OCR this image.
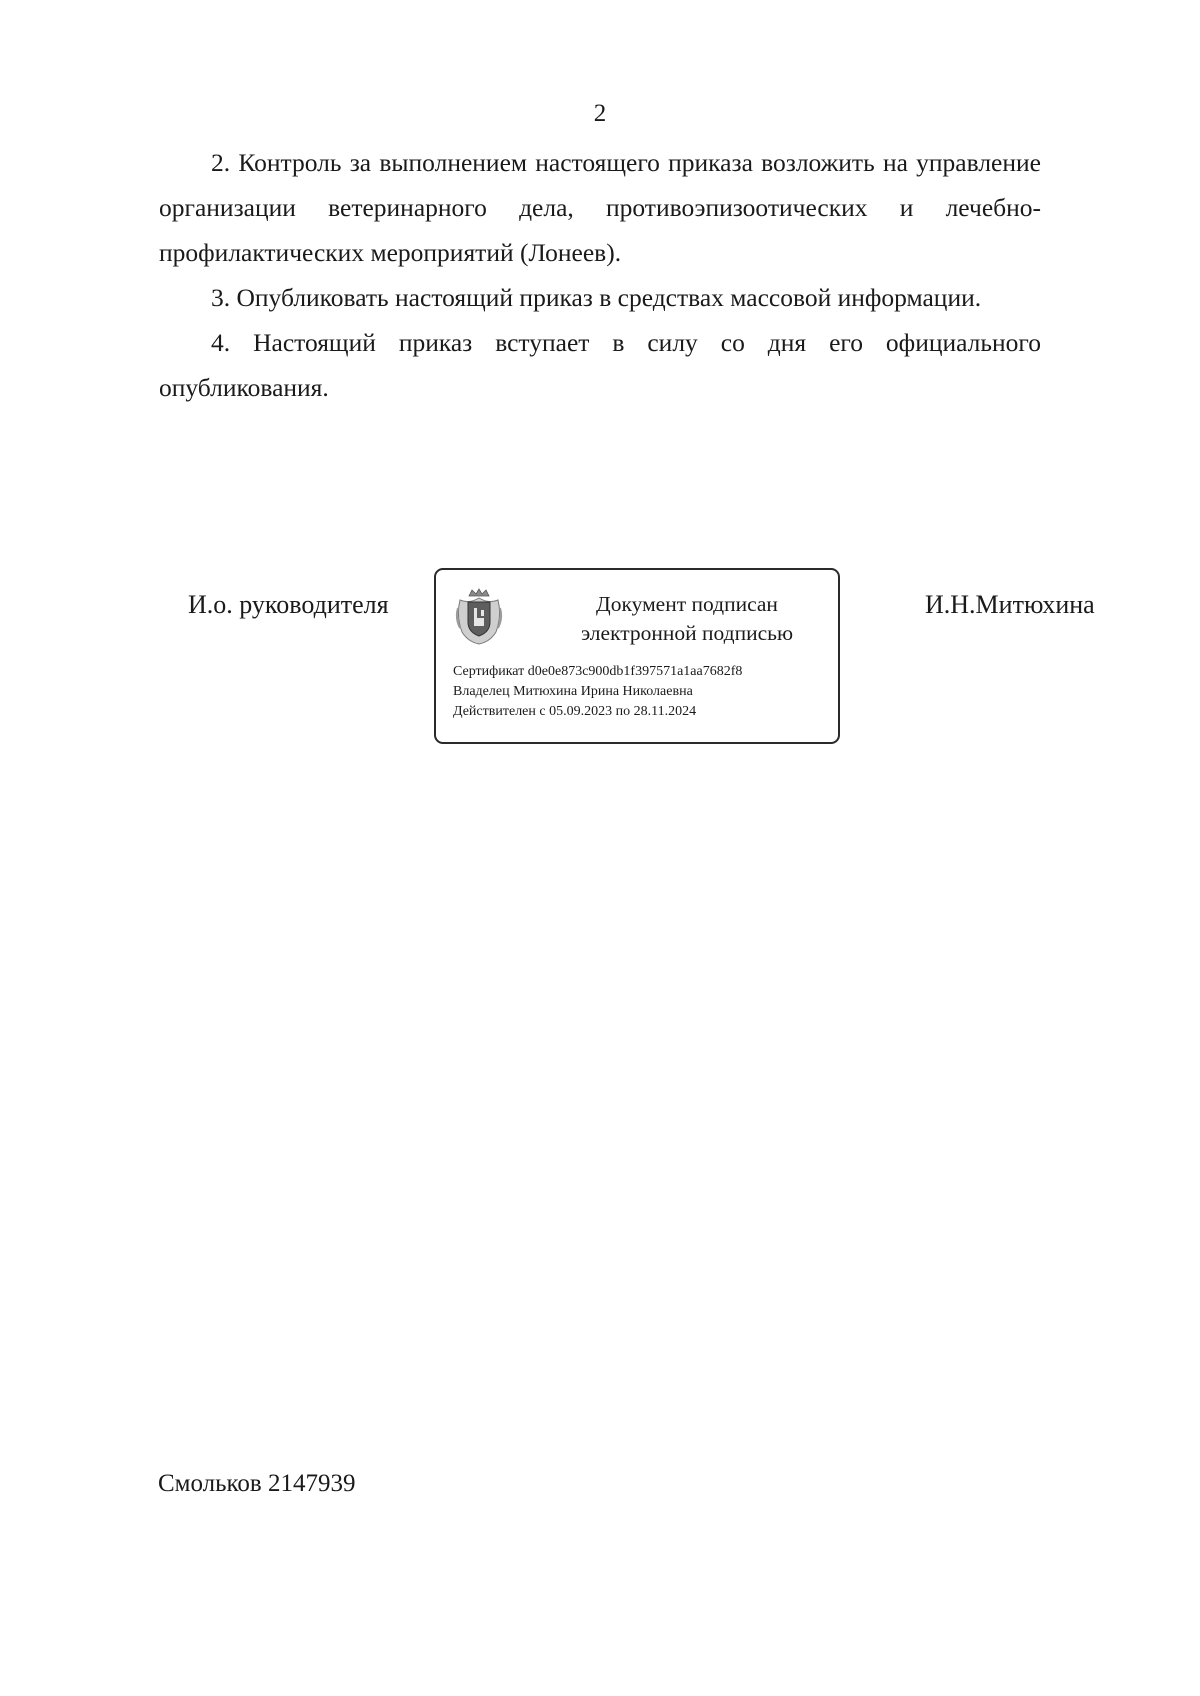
2

2. Контроль за выполнением настоящего приказа возложить на управление организации ветеринарного дела, противоэпизоотических и лечебно-профилактических мероприятий (Лонеев).

3. Опубликовать настоящий приказ в средствах массовой информации.

4. Настоящий приказ вступает в силу со дня его официального опубликования.

И.о. руководителя	Документ подписан
электронной подписью
Сертификат d0e0e873c900db1f397571a1aa7682f8
Владелец Митюхина Ирина Николаевна
Действителен с 05.09.2023 по 28.11.2024
И.Н.Митюхина
Смольков 2147939
